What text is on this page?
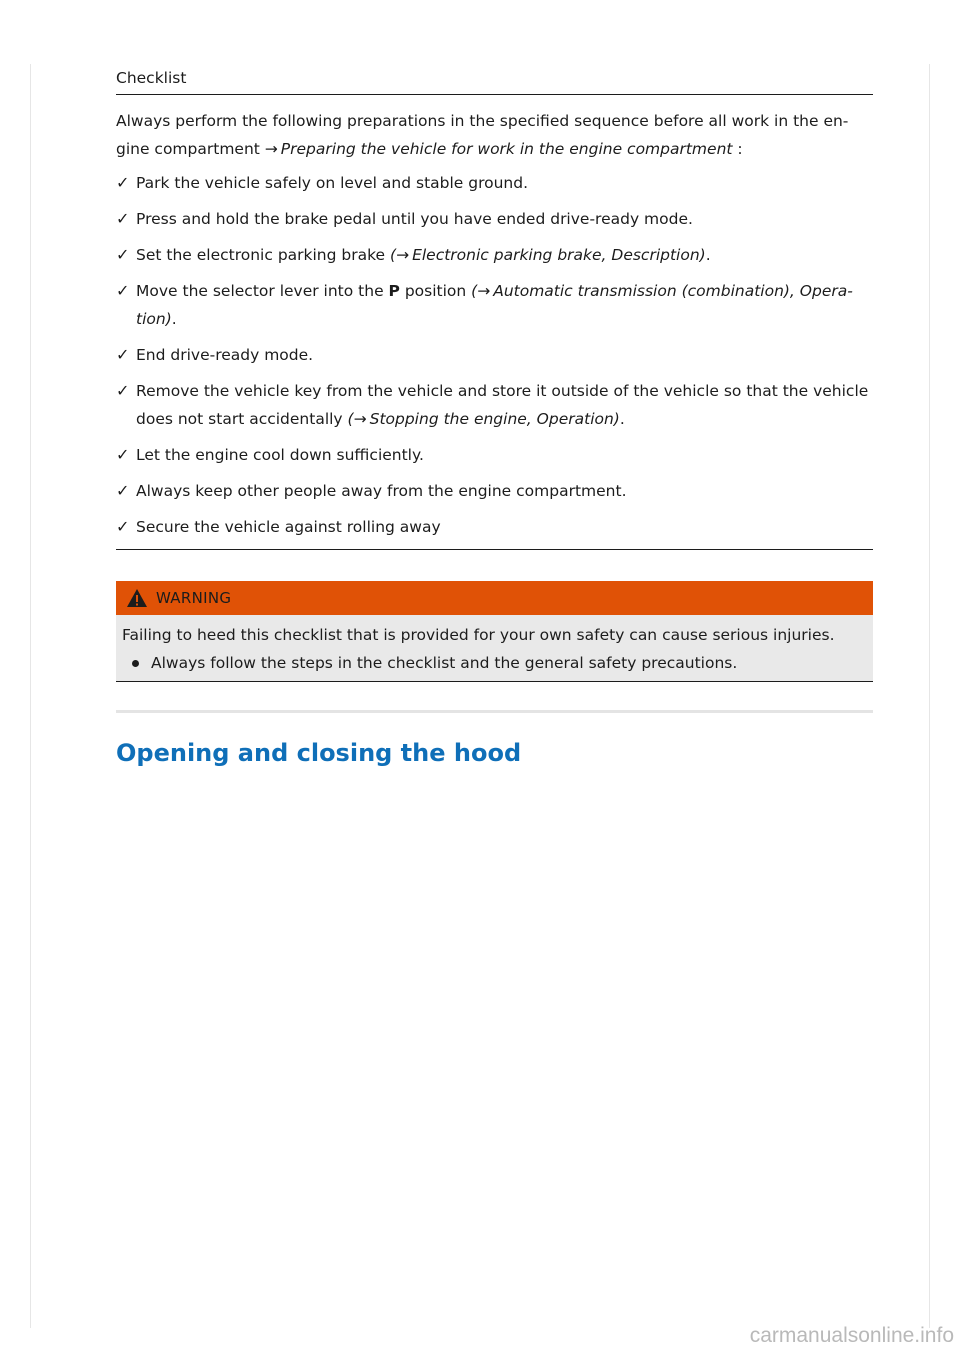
Checklist
Always perform the following preparations in the specified sequence before all work in the en-
gine compartment → Preparing the vehicle for work in the engine compartment :
✓ Park the vehicle safely on level and stable ground.
✓ Press and hold the brake pedal until you have ended drive-ready mode.
✓ Set the electronic parking brake (→ Electronic parking brake, Description).
✓ Move the selector lever into the P position (→ Automatic transmission (combination), Opera-tion).
✓ End drive-ready mode.
✓ Remove the vehicle key from the vehicle and store it outside of the vehicle so that the vehicle does not start accidentally (→ Stopping the engine, Operation).
✓ Let the engine cool down sufficiently.
✓ Always keep other people away from the engine compartment.
✓ Secure the vehicle against rolling away
WARNING
Failing to heed this checklist that is provided for your own safety can cause serious injuries.
Always follow the steps in the checklist and the general safety precautions.
Opening and closing the hood
carmanualsonline.info
